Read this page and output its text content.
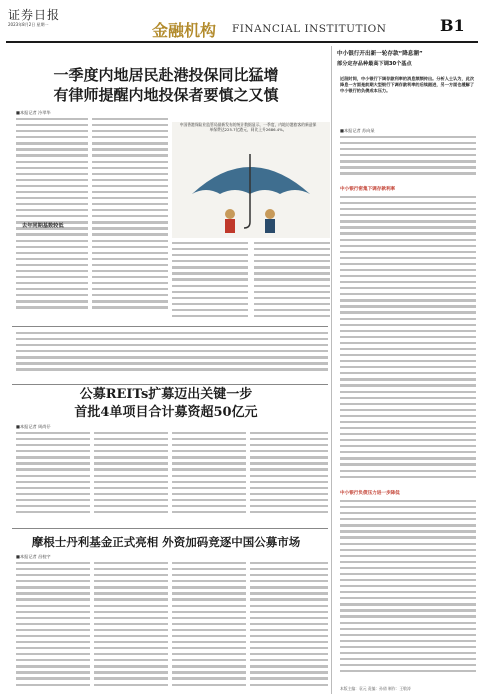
证券日报
2023年8月2日 星期一	金融机构 FINANCIAL INSTITUTION	B1
一季度内地居民赴港投保同比猛增
有律师提醒内地投保者要慎之又慎
■本报记者 冷翠华
去年同期基数较低
中国香港保险业监管局最新发布的统计数据显示，一季度，内地访港旅客的新造保单保费达225.7亿港元，同比上升2686.4%。
公募REITs扩募迈出关键一步
首批4单项目合计募资超50亿元
■本报记者 周尚仔
摩根士丹利基金正式亮相 外资加码竞逐中国公募市场
■本报记者 昌校宇
中小银行开出新一轮存款“降息潮”
部分定存品种最高下调30个基点
近段时间，中小银行下调存款利率的消息频频传出。分析人士认为，此次降息一方面是前期大型银行下调存款利率的后续跟进，另一方面也缓解了中小银行的负债成本压力。
■本报记者 苏向杲
中小银行密集下调存款利率
中小银行负债压力进一步降低
本版主编：袁元 责编：孙倩 制作：王敬涛
